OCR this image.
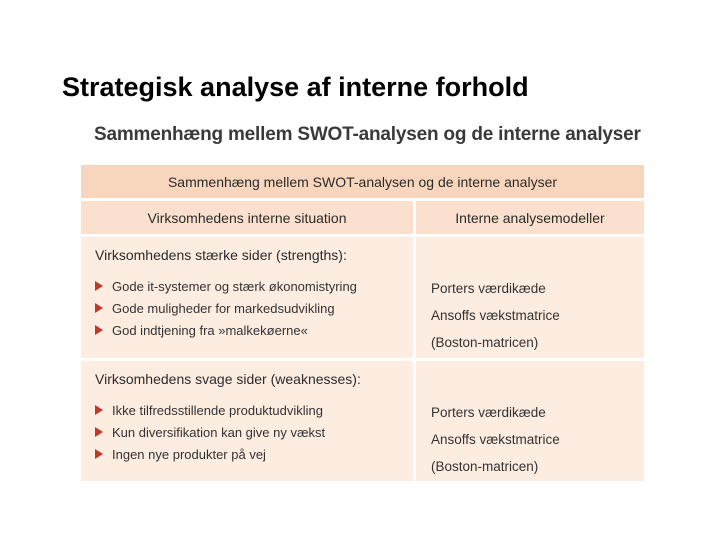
Strategisk analyse af interne forhold
Sammenhæng mellem SWOT-analysen og de interne analyser
Sammenhæng mellem SWOT-analysen og de interne analyser
Virksomhedens interne situation	Interne analysemodeller
Virksomhedens stærke sider (strengths):
Gode it-systemer og stærk økonomistyring
Gode muligheder for markedsudvikling
God indtjening fra »malkekøerne«
Porters værdikæde
Ansoffs vækstmatrice
(Boston-matricen)
Virksomhedens svage sider (weaknesses):
Ikke tilfredsstillende produktudvikling
Kun diversifikation kan give ny vækst
Ingen nye produkter på vej
Porters værdikæde
Ansoffs vækstmatrice
(Boston-matricen)
